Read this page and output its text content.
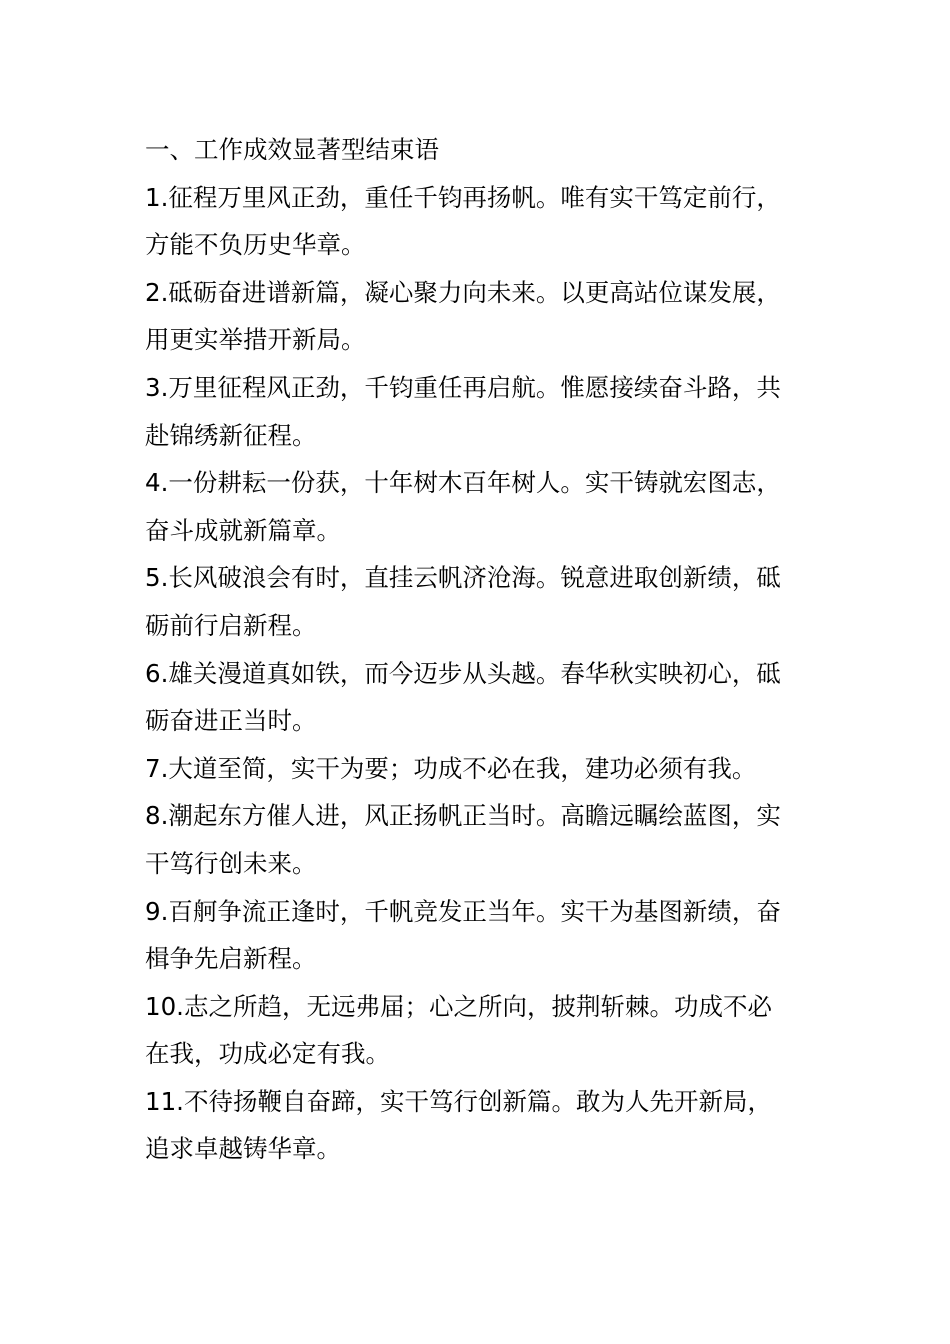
一、工作成效显著型结束语
1.征程万里风正劲，重任千钧再扬帆。唯有实干笃定前行，
方能不负历史华章。
2.砥砺奋进谱新篇，凝心聚力向未来。以更高站位谋发展，
用更实举措开新局。
3.万里征程风正劲，千钧重任再启航。惟愿接续奋斗路，共
赴锦绣新征程。
4.一份耕耘一份获，十年树木百年树人。实干铸就宏图志，
奋斗成就新篇章。
5.长风破浪会有时，直挂云帆济沧海。锐意进取创新绩，砥
砺前行启新程。
6.雄关漫道真如铁，而今迈步从头越。春华秋实映初心，砥
砺奋进正当时。
7.大道至简，实干为要；功成不必在我，建功必须有我。
8.潮起东方催人进，风正扬帆正当时。高瞻远瞩绘蓝图，实
干笃行创未来。
9.百舸争流正逢时，千帆竞发正当年。实干为基图新绩，奋
楫争先启新程。
10.志之所趋，无远弗届；心之所向，披荆斩棘。功成不必
在我，功成必定有我。
11.不待扬鞭自奋蹄，实干笃行创新篇。敢为人先开新局，
追求卓越铸华章。
